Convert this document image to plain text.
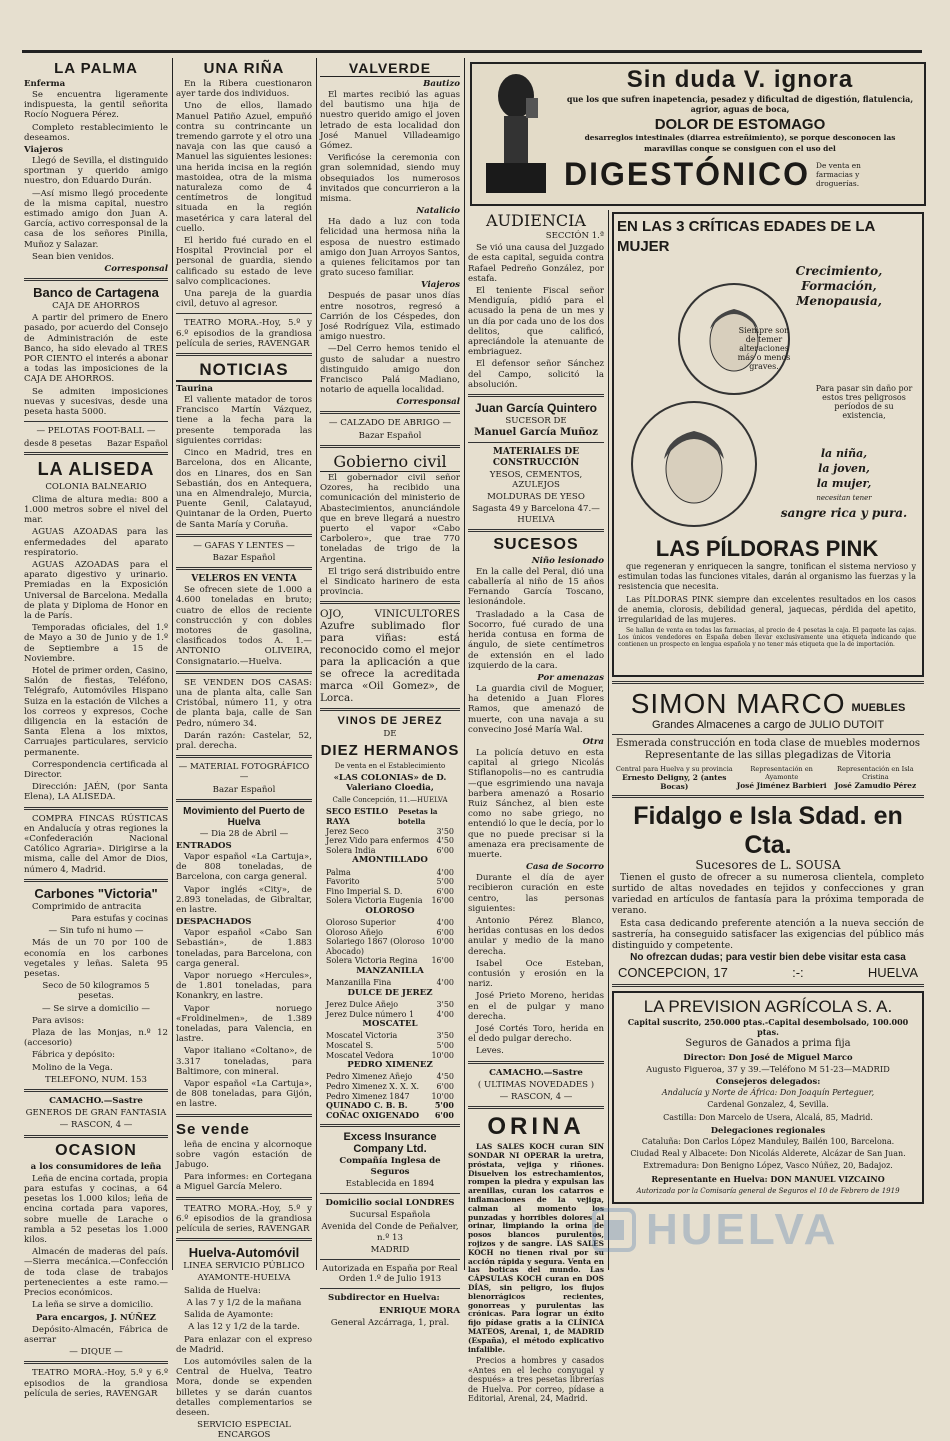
LA PALMA
Enferma

Se encuentra ligeramente indispuesta, la gentil señorita Rocío Noguera Pérez.

Completo restablecimiento le deseamos.

Viajeros

Llegó de Sevilla, el distinguido sportman y querido amigo nuestro, don Eduardo Durán.

—Así mismo llegó procedente de la misma capital, nuestro estimado amigo don Juan A. García, activo corresponsal de la casa de los señores Pinilla, Muñoz y Salazar.

Sean bien venidos.

Corresponsal
Banco de Cartagena

CAJA DE AHORROS

A partir del primero de Enero pasado, por acuerdo del Consejo de Administración de este Banco, ha sido elevado al TRES POR CIENTO el interés a abonar a todas las imposiciones de la CAJA DE AHORROS.

Se admiten imposiciones nuevas y sucesivas, desde una peseta hasta 5000.

— PELOTAS FOOT-BALL —

desde 8 pesetas Bazar Español
LA ALISEDA

COLONIA BALNEARIO

Clima de altura media: 800 a 1.000 metros sobre el nivel del mar.

AGUAS AZOADAS para las enfermedades del aparato respiratorio.

AGUAS AZOADAS para el aparato digestivo y urinario. Premiadas en la Exposición Universal de Barcelona. Medalla de plata y Diploma de Honor en la de París.

Temporadas oficiales, del 1.º de Mayo a 30 de Junio y de 1.º de Septiembre a 15 de Noviembre.

Hotel de primer orden, Casino, Salón de fiestas, Teléfono, Telégrafo, Automóviles Hispano Suiza en la estación de Vilches a los correos y expresos, Coche diligencia en la estación de Santa Elena a los mixtos, Carruajes particulares, servicio permanente.

Correspondencia certificada al Director.

Dirección: JAÉN, (por Santa Elena), LA ALISEDA.

COMPRA FINCAS RÚSTICAS en Andalucía y otras regiones la «Confederación Nacional Católico Agraria». Dirigirse a la misma, calle del Amor de Dios, número 4, Madrid.

Carbones "Victoria"

Comprimido de antracita

Para estufas y cocinas

— Sin tufo ni humo —

Más de un 70 por 100 de economía en los carbones vegetales y leñas. Saleta 95 pesetas.

Seco de 50 kilogramos 5 pesetas.

— Se sirve a domicilio —

Para avisos:

Plaza de las Monjas, n.º 12 (accesorio)

Fábrica y depósito:

Molino de la Vega.

TELEFONO, NUM. 153

CAMACHO.—Sastre

GENEROS DE GRAN FANTASIA

— RASCON, 4 —

OCASION

a los consumidores de leña

Leña de encina cortada, propia para estufas y cocinas, a 64 pesetas los 1.000 kilos; leña de encina cortada para vapores, sobre muelle de Larache o rambla a 52 pesetas los 1.000 kilos.

Almacén de maderas del país.—Sierra mecánica.—Confección de toda clase de trabajos pertenecientes a este ramo.—Precios económicos.

La leña se sirve a domicilio.

Para encargos, J. NÚÑEZ

Depósito-Almacén, Fábrica de aserrar

— DIQUE —

TEATRO MORA.-Hoy, 5.º y 6.º episodios de la grandiosa película de series, RAVENGAR

UNA RIÑA

En la Ribera cuestionaron ayer tarde dos individuos.

Uno de ellos, llamado Manuel Patiño Azuel, empuñó contra su contrincante un tremendo garrote y el otro una navaja con las que causó a Manuel las siguientes lesiones: una herida incisa en la región mastoidea, otra de la misma naturaleza como de 4 centímetros de longitud situada en la región masetérica y cara lateral del cuello.

El herido fué curado en el Hospital Provincial por el personal de guardia, siendo calificado su estado de leve salvo complicaciones.

Una pareja de la guardia civil, detuvo al agresor.

TEATRO MORA.-Hoy, 5.º y 6.º episodios de la grandiosa película de series, RAVENGAR

NOTICIAS
Taurina

El valiente matador de toros Francisco Martín Vázquez, tiene a la fecha para la presente temporada las siguientes corridas:

Cinco en Madrid, tres en Barcelona, dos en Alicante, dos en Linares, dos en San Sebastián, dos en Antequera, una en Almendralejo, Murcia, Puente Genil, Calatayud, Quintanar de la Orden, Puerto de Santa María y Coruña.

— GAFAS Y LENTES —

Bazar Español

VELEROS EN VENTA

Se ofrecen siete de 1.000 a 4.600 toneladas en bruto; cuatro de ellos de reciente construcción y con dobles motores de gasolina, clasificados todos A. 1.—ANTONIO OLIVEIRA, Consignatario.—Huelva.

SE VENDEN DOS CASAS: una de planta alta, calle San Cristóbal, número 11, y otra de planta baja, calle de San Pedro, número 34.

Darán razón: Castelar, 52, pral. derecha.

— MATERIAL FOTOGRÁFICO —

Bazar Español

Movimiento del Puerto de Huelva

— Dia 28 de Abril —

ENTRADOS

Vapor español «La Cartuja», de 808 toneladas, de Barcelona, con carga general.

Vapor inglés «City», de 2.893 toneladas, de Gibraltar, en lastre.

DESPACHADOS

Vapor español «Cabo San Sebastián», de 1.883 toneladas, para Barcelona, con carga general.

Vapor noruego «Hercules», de 1.801 toneladas, para Konankry, en lastre.

Vapor noruego «Froldinelmen», de 1.389 toneladas, para Valencia, en lastre.

Vapor italiano «Coltano», de 3.317 toneladas, para Baltimore, con mineral.

Vapor español «La Cartuja», de 808 toneladas, para Gijón, en lastre.

Se vende

leña de encina y alcornoque sobre vagón estación de Jabugo.

Para informes: en Cortegana a Miguel García Melero.

TEATRO MORA.-Hoy, 5.º y 6.º episodios de la grandiosa película de series, RAVENGAR

Huelva-Automóvil

LINEA SERVICIO PÚBLICO

AYAMONTE-HUELVA

Salida de Huelva:

A las 7 y 1/2 de la mañana

Salida de Ayamonte:

A las 12 y 1/2 de la tarde.

Para enlazar con el expreso de Madrid.

Los automóviles salen de la Central de Huelva, Teatro Mora, donde se expenden billetes y se darán cuantos detalles complementarios se deseen.

SERVICIO ESPECIAL ENCARGOS

VALVERDE
Bautizo

El martes recibió las aguas del bautismo una hija de nuestro querido amigo el joven letrado de esta localidad don José Manuel Villadeamigo Gómez.

Verificóse la ceremonia con gran solemnidad, siendo muy obsequiados los numerosos invitados que concurrieron a la misma.

Natalicio

Ha dado a luz con toda felicidad una hermosa niña la esposa de nuestro estimado amigo don Juan Arroyos Santos, a quienes felicitamos por tan grato suceso familiar.

Viajeros

Después de pasar unos días entre nosotros, regresó a Carrión de los Céspedes, don José Rodríguez Vila, estimado amigo nuestro.

—Del Cerro hemos tenido el gusto de saludar a nuestro distinguido amigo don Francisco Palá Madiano, notario de aquella localidad.

Corresponsal

— CALZADO DE ABRIGO —

Bazar Español

Gobierno civil

El gobernador civil señor Ozores, ha recibido una comunicación del ministerio de Abastecimientos, anunciándole que en breve llegará a nuestro puerto el vapor «Cabo Carbolero», que trae 770 toneladas de trigo de la Argentina.

El trigo será distribuido entre el Sindicato harinero de esta provincia.

OJO, VINICULTORES Azufre sublimado flor para viñas: está reconocido como el mejor para la aplicación a que se ofrece la acreditada marca «Oil Gomez», de Lorca.

VINOS DE JEREZ

DE

DIEZ HERMANOS

De venta en el Establecimiento

«LAS COLONIAS» de D. Valeriano Cloedia,

Calle Concepción, 11.—HUELVA

SECO ESTILO RAYA
Pesetas la botella
Jerez Seco	3'50
Jerez Vido para enfermos 4'50
Solera India	6'00

AMONTILLADO

Palma	4'00
Favorito	5'00
Fino Imperial S. D.	6'00
Solera Victoria Eugenia 16'00

OLOROSO

Oloroso Superior	4'00
Oloroso Añejo	6'00
Solariego 1867 (Oloroso Abocado)
10'00
Solera Victoria Regina 16'00

MANZANILLA

Manzanilla Fina	4'00

DULCE DE JEREZ

Jerez Dulce Añejo	3'50
Jerez Dulce número 1	4'00

MOSCATEL

Moscatel Victoria	3'50
Moscatel S.	5'00
Moscatel Vedora	10'00

PEDRO XIMENEZ

Pedro Ximenez Añejo	4'50
Pedro Ximenez X. X. X. 6'00
Pedro Ximenez 1847	10'00
QUINADO C. B. B.	5'00
COÑAC OXIGENADO 6'00
Excess Insurance Company Ltd.

Compañía Inglesa de Seguros

Establecida en 1894

Domicilio social LONDRES

Sucursal Española

Avenida del Conde de Peñalver, n.º 13

MADRID

Autorizada en España por Real Orden 1.º de Julio 1913

Subdirector en Huelva:

ENRIQUE MORA

General Azcárraga, 1, pral.

Sin duda V. ignora

que los que sufren inapetencia, pesadez y dificultad de digestión, flatulencia, agrior, aguas de boca,

DOLOR DE ESTOMAGO

desarreglos intestinales (diarrea estreñimiento), se porque desconocen las maravillas conque se consiguen con el uso del

DIGESTÓNICO De venta en farmacias y droguerías.
AUDIENCIA

SECCIÓN 1.ª

Se vió una causa del Juzgado de esta capital, seguida contra Rafael Pedreño González, por estafa.

El teniente Fiscal señor Mendiguía, pidió para el acusado la pena de un mes y un día por cada uno de los dos delitos, que calificó, apreciándole la atenuante de embriaguez.

El defensor señor Sánchez del Campo, solicitó la absolución.

Juan García Quintero

SUCESOR DE

Manuel García Muñoz

MATERIALES DE CONSTRUCCIÓN

YESOS, CEMENTOS, AZULEJOS

MOLDURAS DE YESO

Sagasta 49 y Barcelona 47.—HUELVA

SUCESOS
Niño lesionado

En la calle del Peral, dió una caballería al niño de 15 años Fernando García Toscano, lesionándole.

Trasladado a la Casa de Socorro, fué curado de una herida contusa en forma de ángulo, de siete centímetros de extensión en el lado izquierdo de la cara.

Por amenazas

La guardia civil de Moguer, ha detenido a Juan Flores Ramos, que amenazó de muerte, con una navaja a su convecino José María Wal.

Otra

La policía detuvo en esta capital al griego Nicolás Stiflanopolis—no es cantrudia—que esgrimiendo una navaja barbera amenazó a Rosario Ruiz Sánchez, al bien este como no sabe griego, no entendió lo que le decía, por lo que no puede precisar si la amenaza era precisamente de muerte.

Casa de Socorro

Durante el día de ayer recibieron curación en este centro, las personas siguientes:

Antonio Pérez Blanco, heridas contusas en los dedos anular y medio de la mano derecha.

Isabel Oce Esteban, contusión y erosión en la nariz.

José Prieto Moreno, heridas en el de pulgar y mano derecha.

José Cortés Toro, herida en el dedo pulgar derecho.

Leves.

CAMACHO.—Sastre

( ULTIMAS NOVEDADES )

— RASCON, 4 —

ORINA

LAS SALES KOCH curan SIN SONDAR NI OPERAR la uretra, próstata, vejiga y riñones. Disuelven los estrechamientos, rompen la piedra y expulsan las arenillas, curan los catarros e inflamaciones de la vejiga, calman al momento los punzadas y horribles dolores al orinar, limpiando la orina de posos blancos purulentos, rojizos y de sangre. LAS SALES KOCH no tienen rival por su acción rápida y segura. Venta en las boticas del mundo. Las CÁPSULAS KOCH curan en DOS DÍAS, sin peligro, los flujos blenorrágicos recientes, gonorreas y purulentas las crónicas. Para lograr un éxito fijo pídase gratis a la CLÍNICA MATEOS, Arenal, 1, de MADRID (España), el método explicativo infalible.

Precios a hombres y casados «Antes en el lecho conyugal y después» a tres pesetas librerías de Huelva. Por correo, pídase a Editorial, Arenal, 24, Madrid.

EN LAS 3 CRÍTICAS EDADES DE LA MUJER
Crecimiento,
Formación,
Menopausia,
Siempre son de temer alteraciones más o menos graves.
Para pasar sin daño por estos tres peligrosos períodos de su existencia,
la niña,
la joven,
la mujer,
necesitan tener
sangre rica y pura.
LAS PÍLDORAS PINK

que regeneran y enriquecen la sangre, tonifican el sistema nervioso y estimulan todas las funciones vitales, darán al organismo las fuerzas y la resistencia que necesita.

Las PÍLDORAS PINK siempre dan excelentes resultados en los casos de anemia, clorosis, debilidad general, jaquecas, pérdida del apetito, irregularidad de las mujeres.

Se hallan de venta en todas las farmacias, al precio de 4 pesetas la caja. El paquete las cajas. Los únicos vendedores en España deben llevar exclusivamente una etiqueta indicando que contienen un prospecto en lengua española y no tener más etiqueta que la de importación.

SIMON MARCO MUEBLES

Grandes Almacenes a cargo de JULIO DUTOIT

Esmerada construcción en toda clase de muebles modernos

Representante de las sillas plegadizas de Vitoria

Central para Huelva y su provincia
Ernesto Deligny, 2 (antes Bocas)
Representación en Ayamonte
José Jiménez Barbieri
Representación en Isla Cristina
José Zamudio Pérez
Fidalgo e Isla Sdad. en Cta.

Sucesores de L. SOUSA

Tienen el gusto de ofrecer a su numerosa clientela, completo surtido de altas novedades en tejidos y confecciones y gran variedad en artículos de fantasía para la próxima temporada de verano.

Esta casa dedicando preferente atención a la nueva sección de sastrería, ha conseguido satisfacer las exigencias del público más distinguido y competente.

No ofrezcan dudas; para vestir bien debe visitar esta casa

CONCEPCION, 17	:-:	HUELVA
LA PREVISION AGRÍCOLA S. A.

Capital suscrito, 250.000 ptas.-Capital desembolsado, 100.000 ptas.

Seguros de Ganados a prima fija

Director: Don José de Miguel Marco

Augusto Figueroa, 37 y 39.—Teléfono M 51-23—MADRID

Consejeros delegados:

Andalucía y Norte de África: Don Joaquín Perteguer,

Cardenal Gonzalez, 4, Sevilla.

Castilla: Don Marcelo de Usera, Alcalá, 85, Madrid.

Delegaciones regionales

Cataluña: Don Carlos López Manduley, Bailén 100, Barcelona.

Ciudad Real y Albacete: Don Nicolás Alderete, Alcázar de San Juan.

Extremadura: Don Benigno López, Vasco Núñez, 20, Badajoz.

Representante en Huelva: DON MANUEL VIZCAINO

Autorizada por la Comisaría general de Seguros el 10 de Febrero de 1919

HUELVA
